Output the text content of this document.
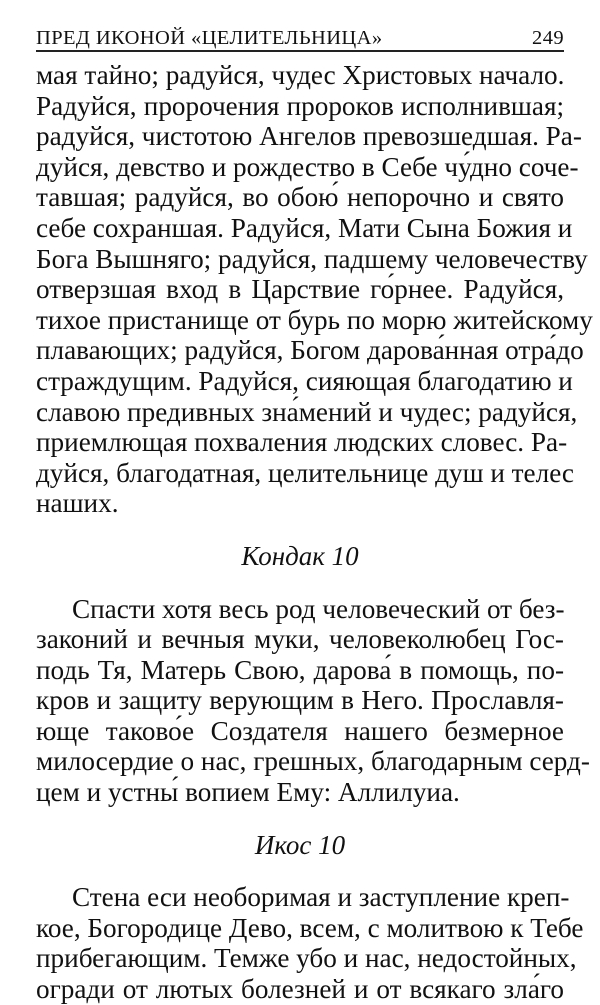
ПРЕД ИКОНОЙ «ЦЕЛИТЕЛЬНИЦА»	249
мая тайно; радуйся, чудес Христовых начало.
Радуйся, пророчения пророков исполнившая;
радуйся, чистотою Ангелов превозшедшая. Ра-
дуйся, девство и рождество в Себе чу́дно соче-
тавшая; радуйся, во обою́ непорочно и свято
себе сохраншая. Радуйся, Мати Сына Божия и
Бога Вышняго; радуйся, падшему человечеству
отверзшая вход в Царствие го́рнее. Радуйся,
тихое пристанище от бурь по морю житейскому
плавающих; радуйся, Богом дарова́нная отра́до
страждущим. Радуйся, сияющая благодатию и
славою предивных зна́мений и чудес; радуйся,
приемлющая похваления людских словес. Ра-
дуйся, благодатная, целительнице душ и телес
наших.
Кондак 10
Спасти хотя весь род человеческий от без-
законий и вечныя муки, человеколюбец Гос-
подь Тя, Матерь Свою, дарова́ в помощь, по-
кров и защиту верующим в Него. Прославля-
юще таково́е Создателя нашего безмерное
милосердие о нас, грешных, благодарным серд-
цем и устны́ вопием Ему: Аллилуиа.
Икос 10
Стена еси необоримая и заступление креп-
кое, Богородице Дево, всем, с молитвою к Тебе
прибегающим. Темже убо и нас, недостойных,
огради от лютых болезней и от всякаго зла́го
